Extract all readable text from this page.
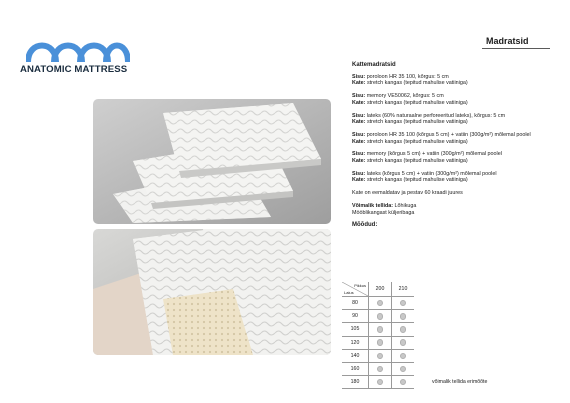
ANATOMIC MATTRESS
Madratsid
Kattemadratsid
Sisu: poroloon HR 35 100, kõrgus: 5 cm
Kate: stretch kangas (tepitud mahulise vatiiniga)
Sisu: memory VE50062, kõrgus: 5 cm
Kate: stretch kangas (tepitud mahulise vatiiniga)
Sisu: lateks (60% naturaalne perforeeritud lateks), kõrgus: 5 cm
Kate: stretch kangas (tepitud mahulise vatiiniga)
Sisu: poroloon HR 35 100 (kõrgus 5 cm) + vatiin (300g/m²) mõlemal poolel
Kate: stretch kangas (tepitud mahulise vatiiniga)
Sisu: memory (kõrgus 5 cm) + vatiin (300g/m²) mõlemal poolel
Kate: stretch kangas (tepitud mahulise vatiiniga)
Sisu: lateks (kõrgus 5 cm) + vatiin (300g/m²) mõlemal poolel
Kate: stretch kangas (tepitud mahulise vatiiniga)
Kate on eemaldatav ja pestav 60 kraadi juures
Võimalik tellida: Lõhikuga
Mööblikangast küljeribaga
Mõõdud:
Pikkus
Laius	200	210	
80			
90			
105			
120			
140			
160			
180			võimalik tellida erimõõte
